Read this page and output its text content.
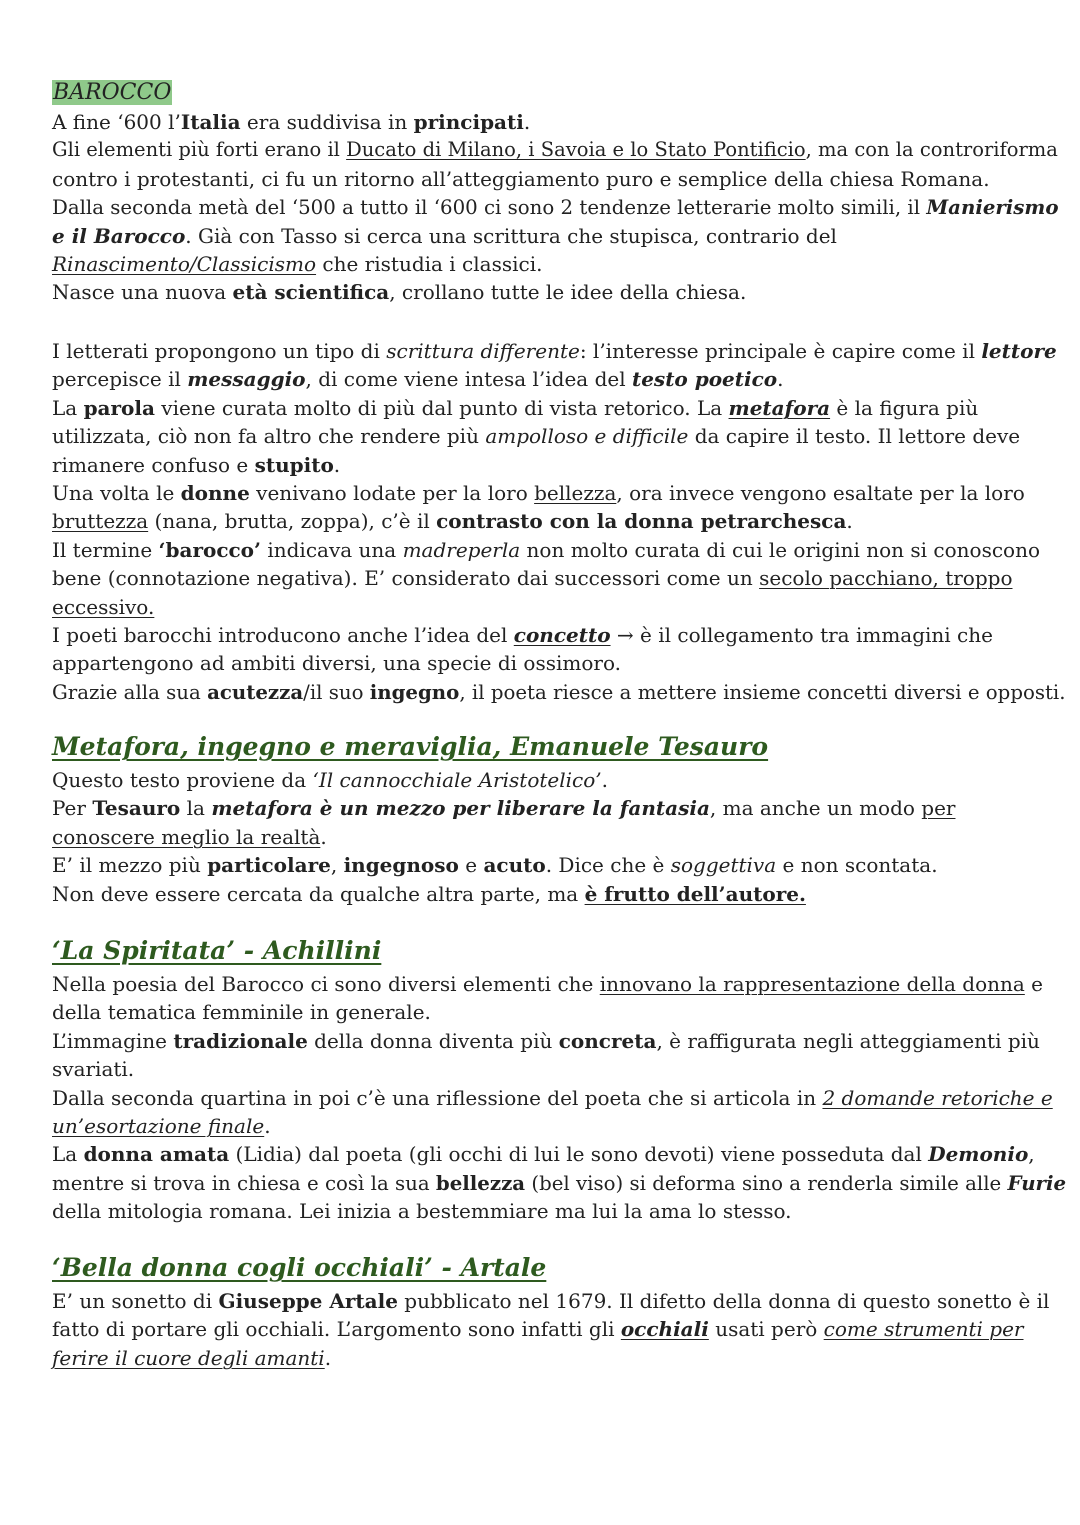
BAROCCO
A fine ‘600 l’Italia era suddivisa in principati.
Gli elementi più forti erano il Ducato di Milano, i Savoia e lo Stato Pontificio, ma con la controriforma
contro i protestanti, ci fu un ritorno all’atteggiamento puro e semplice della chiesa Romana.
Dalla seconda metà del ‘500 a tutto il ‘600 ci sono 2 tendenze letterarie molto simili, il Manierismo
e il Barocco. Già con Tasso si cerca una scrittura che stupisca, contrario del
Rinascimento/Classicismo che ristudia i classici.
Nasce una nuova età scientifica, crollano tutte le idee della chiesa.
I letterati propongono un tipo di scrittura differente: l’interesse principale è capire come il lettore
percepisce il messaggio, di come viene intesa l’idea del testo poetico.
La parola viene curata molto di più dal punto di vista retorico. La metafora è la figura più
utilizzata, ciò non fa altro che rendere più ampolloso e difficile da capire il testo. Il lettore deve
rimanere confuso e stupito.
Una volta le donne venivano lodate per la loro bellezza, ora invece vengono esaltate per la loro
bruttezza (nana, brutta, zoppa), c’è il contrasto con la donna petrarchesca.
Il termine ‘barocco’ indicava una madreperla non molto curata di cui le origini non si conoscono
bene (connotazione negativa). E’ considerato dai successori come un secolo pacchiano, troppo
eccessivo.
I poeti barocchi introducono anche l’idea del concetto → è il collegamento tra immagini che
appartengono ad ambiti diversi, una specie di ossimoro.
Grazie alla sua acutezza/il suo ingegno, il poeta riesce a mettere insieme concetti diversi e opposti.
Metafora, ingegno e meraviglia, Emanuele Tesauro
Questo testo proviene da ‘Il cannocchiale Aristotelico’.
Per Tesauro la metafora è un mezzo per liberare la fantasia, ma anche un modo per
conoscere meglio la realtà.
E’ il mezzo più particolare, ingegnoso e acuto. Dice che è soggettiva e non scontata.
Non deve essere cercata da qualche altra parte, ma è frutto dell’autore.
‘La Spiritata’ - Achillini
Nella poesia del Barocco ci sono diversi elementi che innovano la rappresentazione della donna e
della tematica femminile in generale.
L’immagine tradizionale della donna diventa più concreta, è raffigurata negli atteggiamenti più
svariati.
Dalla seconda quartina in poi c’è una riflessione del poeta che si articola in 2 domande retoriche e
un’esortazione finale.
La donna amata (Lidia) dal poeta (gli occhi di lui le sono devoti) viene posseduta dal Demonio,
mentre si trova in chiesa e così la sua bellezza (bel viso) si deforma sino a renderla simile alle Furie
della mitologia romana. Lei inizia a bestemmiare ma lui la ama lo stesso.
‘Bella donna cogli occhiali’ - Artale
E’ un sonetto di Giuseppe Artale pubblicato nel 1679. Il difetto della donna di questo sonetto è il
fatto di portare gli occhiali. L’argomento sono infatti gli occhiali usati però come strumenti per
ferire il cuore degli amanti.
